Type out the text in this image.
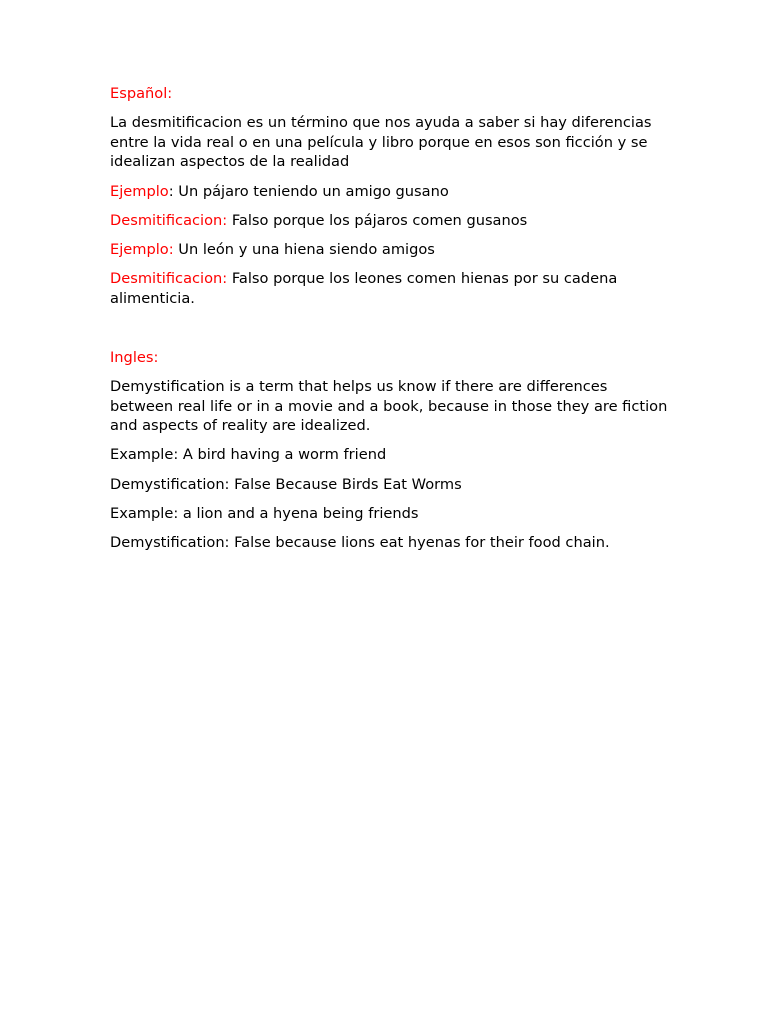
Español:

La desmitificacion es un término que nos ayuda a saber si hay diferencias entre la vida real o en una película y libro porque en esos son ficción y se idealizan aspectos de la realidad

Ejemplo: Un pájaro teniendo un amigo gusano

Desmitificacion: Falso porque los pájaros comen gusanos

Ejemplo: Un león y una hiena siendo amigos

Desmitificacion: Falso porque los leones comen hienas por su cadena alimenticia.

Ingles:

Demystification is a term that helps us know if there are differences between real life or in a movie and a book, because in those they are fiction and aspects of reality are idealized.

Example: A bird having a worm friend

Demystification: False Because Birds Eat Worms

Example: a lion and a hyena being friends

Demystification: False because lions eat hyenas for their food chain.
